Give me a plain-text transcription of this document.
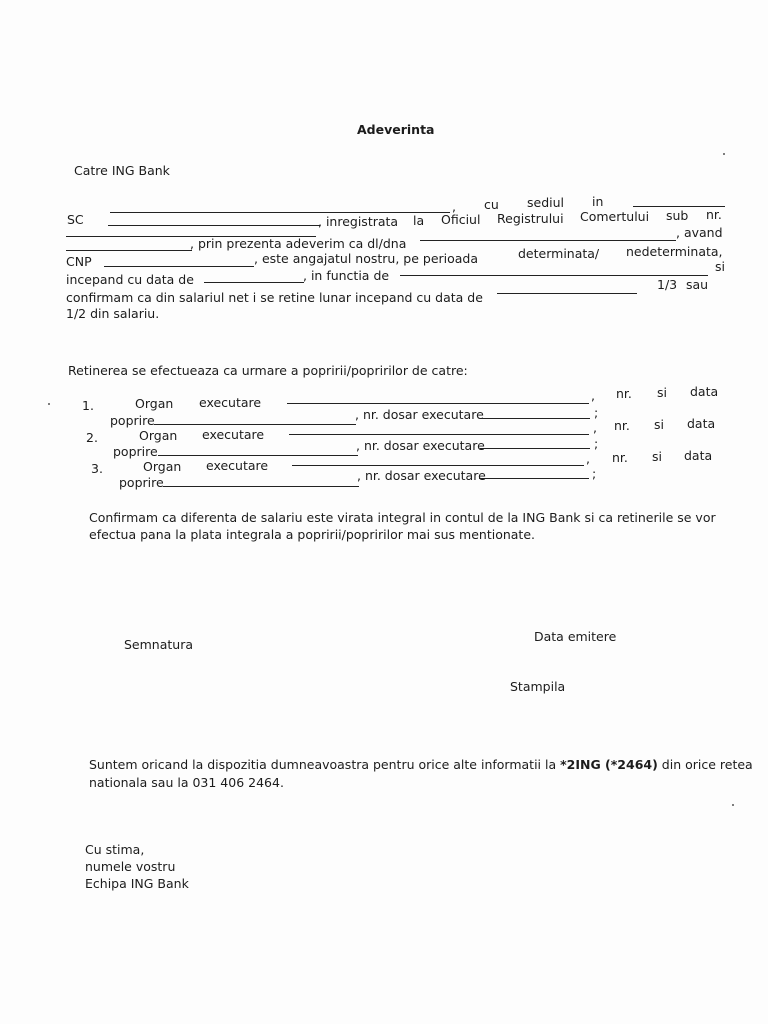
Adeverinta
Catre ING Bank
, cu sediul in
SC	, inregistrata la Oficiul Registrului Comertului sub nr.
, prin prezenta adeverim ca dl/dna
, avand
CNP	, este angajatul nostru, pe perioada	determinata/ nedeterminata,
incepand cu data de	, in functia de
si
confirmam ca din salariul net i se retine lunar incepand cu data de
1/3 sau
1/2 din salariu.
Retinerea se efectueaza ca urmare a popririi/popririlor de catre:
1.	Organ executare	, nr. si data
poprire	, nr. dosar executare	;
2.	Organ executare	, nr. si data
poprire	, nr. dosar executare	;
3.	Organ executare	, nr. si data
poprire	, nr. dosar executare	;
Confirmam ca diferenta de salariu este virata integral in contul de la ING Bank si ca retinerile se vor
efectua pana la plata integrala a popririi/popririlor mai sus mentionate.
Semnatura
Data emitere
Stampila
Suntem oricand la dispozitia dumneavoastra pentru orice alte informatii la *2ING (*2464) din orice retea
nationala sau la 031 406 2464.
Cu stima,
numele vostru
Echipa ING Bank
